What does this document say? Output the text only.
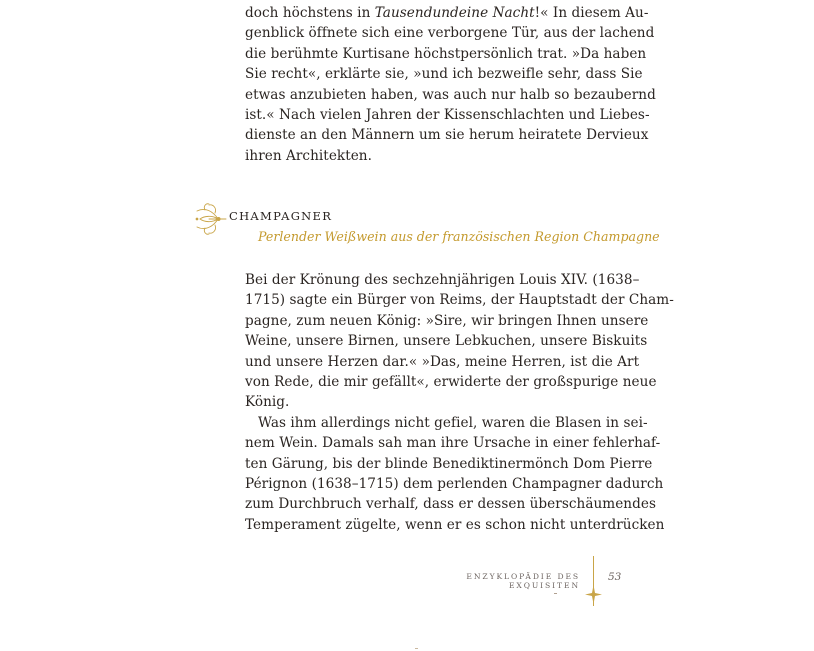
doch höchstens in Tausendundeine Nacht!« In diesem Au-
genblick öffnete sich eine verborgene Tür, aus der lachend
die berühmte Kurtisane höchstpersönlich trat. »Da haben
Sie recht«, erklärte sie, »und ich bezweifle sehr, dass Sie
etwas anzubieten haben, was auch nur halb so bezaubernd
ist.« Nach vielen Jahren der Kissenschlachten und Liebes-
dienste an den Männern um sie herum heiratete Dervieux
ihren Architekten.
CHAMPAGNER
Perlender Weißwein aus der französischen Region Champagne
Bei der Krönung des sechzehnjährigen Louis XIV. (1638–
1715) sagte ein Bürger von Reims, der Hauptstadt der Cham-
pagne, zum neuen König: »Sire, wir bringen Ihnen unsere
Weine, unsere Birnen, unsere Lebkuchen, unsere Biskuits
und unsere Herzen dar.« »Das, meine Herren, ist die Art
von Rede, die mir gefällt«, erwiderte der großspurige neue
König.
Was ihm allerdings nicht gefiel, waren die Blasen in sei-
nem Wein. Damals sah man ihre Ursache in einer fehlerhaf-
ten Gärung, bis der blinde Benediktinermönch Dom Pierre
Pérignon (1638–1715) dem perlenden Champagner dadurch
zum Durchbruch verhalf, dass er dessen überschäumendes
Temperament zügelte, wenn er es schon nicht unterdrücken
ENZYKLOPÄDIE DES EXQUISITEN
53
